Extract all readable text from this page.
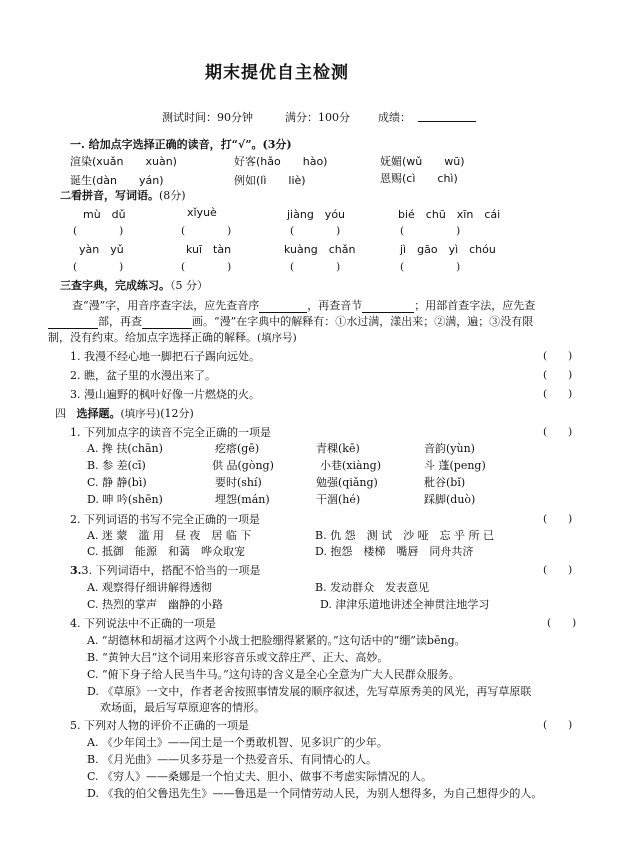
期末提优自主检测
测试时间：90分钟	满分：100分	成绩：
一. 给加点字选择正确的读音，打“√”。(3分)
渲染(xuǎn　　xuàn)	好客(hǎo　　hào)	妩媚(wǔ　　wū)
诞生(dàn　　yán)	例如(lì　　liè)	恩赐(cì　　chì)
二看拼音，写词语。(8分)
mù　dǔ	xǐyuè	jiàng　yóu	bié　chū　xīn　cái
(　　　　)	(　　　　)	(　　　　)	(　　　　)
yàn　yǔ	kuī　tàn	kuàng　chǎn	jì　gāo　yì　chóu
(　　　　)	(　　　　)	(　　　　)	(　　　　)
三查字典，完成练习。（5 分）
查“漫”字，用音序查字法，应先查音序	，再查音节	；用部首查字法，应先查
部，再查	画。“漫”在字典中的解释有：①水过满，漾出来；②满，遍；③没有限
制，没有约束。给加点字选择正确的解释。(填序号)
1. 我漫不经心地一脚把石子踢向远处。	(　　)
2. 瞧，盆子里的水漫出来了。	(　　)
3. 漫山遍野的枫叶好像一片燃烧的火。	(　　)
四 选择题。(填序号)(12分)
1. 下列加点字的读音不完全正确的一项是	(　　)
A. 搀 扶(chān)	疙瘩(gē)	青稞(kē)	音韵(yùn)
B. 参 差(cī)	供 品(gòng)	小巷(xiàng)	斗 蓬(peng)
C. 静 静(bì)	要时(shí)	勉强(qiǎng)	秕谷(bǐ)
D. 呻 吟(shēn)	埋怨(mán)	干涸(hé)	踩脚(duò)
2. 下列词语的书写不完全正确的一项是	(　　)
A. 迷 蒙　滥 用　昼 夜　居 临 下	B. 仇 怨　测 试　沙 哑　忘 乎 所 已
C. 抵御　能源　和蔼　哗众取宠	D. 抱怨　楼梯　嘴唇　同舟共济
3.3. 下列词语中，搭配不恰当的一项是	(　　)
A. 观察得仔细讲解得透彻	B. 发动群众　发表意见
C. 热烈的掌声　幽静的小路	D. 津津乐道地讲述全神贯注地学习
4. 下列说法中不正确的一项是	(　　)
A. “胡德林和胡福才这两个小战士把脸绷得紧紧的。”这句话中的“绷”读bēng。
B. “黄钟大吕”这个词用来形容音乐或文辞庄严、正大、高妙。
C. “俯下身子给人民当牛马。”这句诗的含义是全心全意为广大人民群众服务。
D. 《草原》一文中，作者老舍按照事情发展的顺序叙述，先写草原秀美的风光，再写草原联
欢场面，最后写草原迎客的情形。
5. 下列对人物的评价不正确的一项是	(　　)
A. 《少年闰土》——闰土是一个勇敢机智、见多识广的少年。
B. 《月光曲》——贝多芬是一个热爱音乐、有同情心的人。
C. 《穷人》——桑娜是一个怕丈夫、胆小、做事不考虑实际情况的人。
D. 《我的伯父鲁迅先生》——鲁迅是一个同情劳动人民，为别人想得多，为自己想得少的人。
